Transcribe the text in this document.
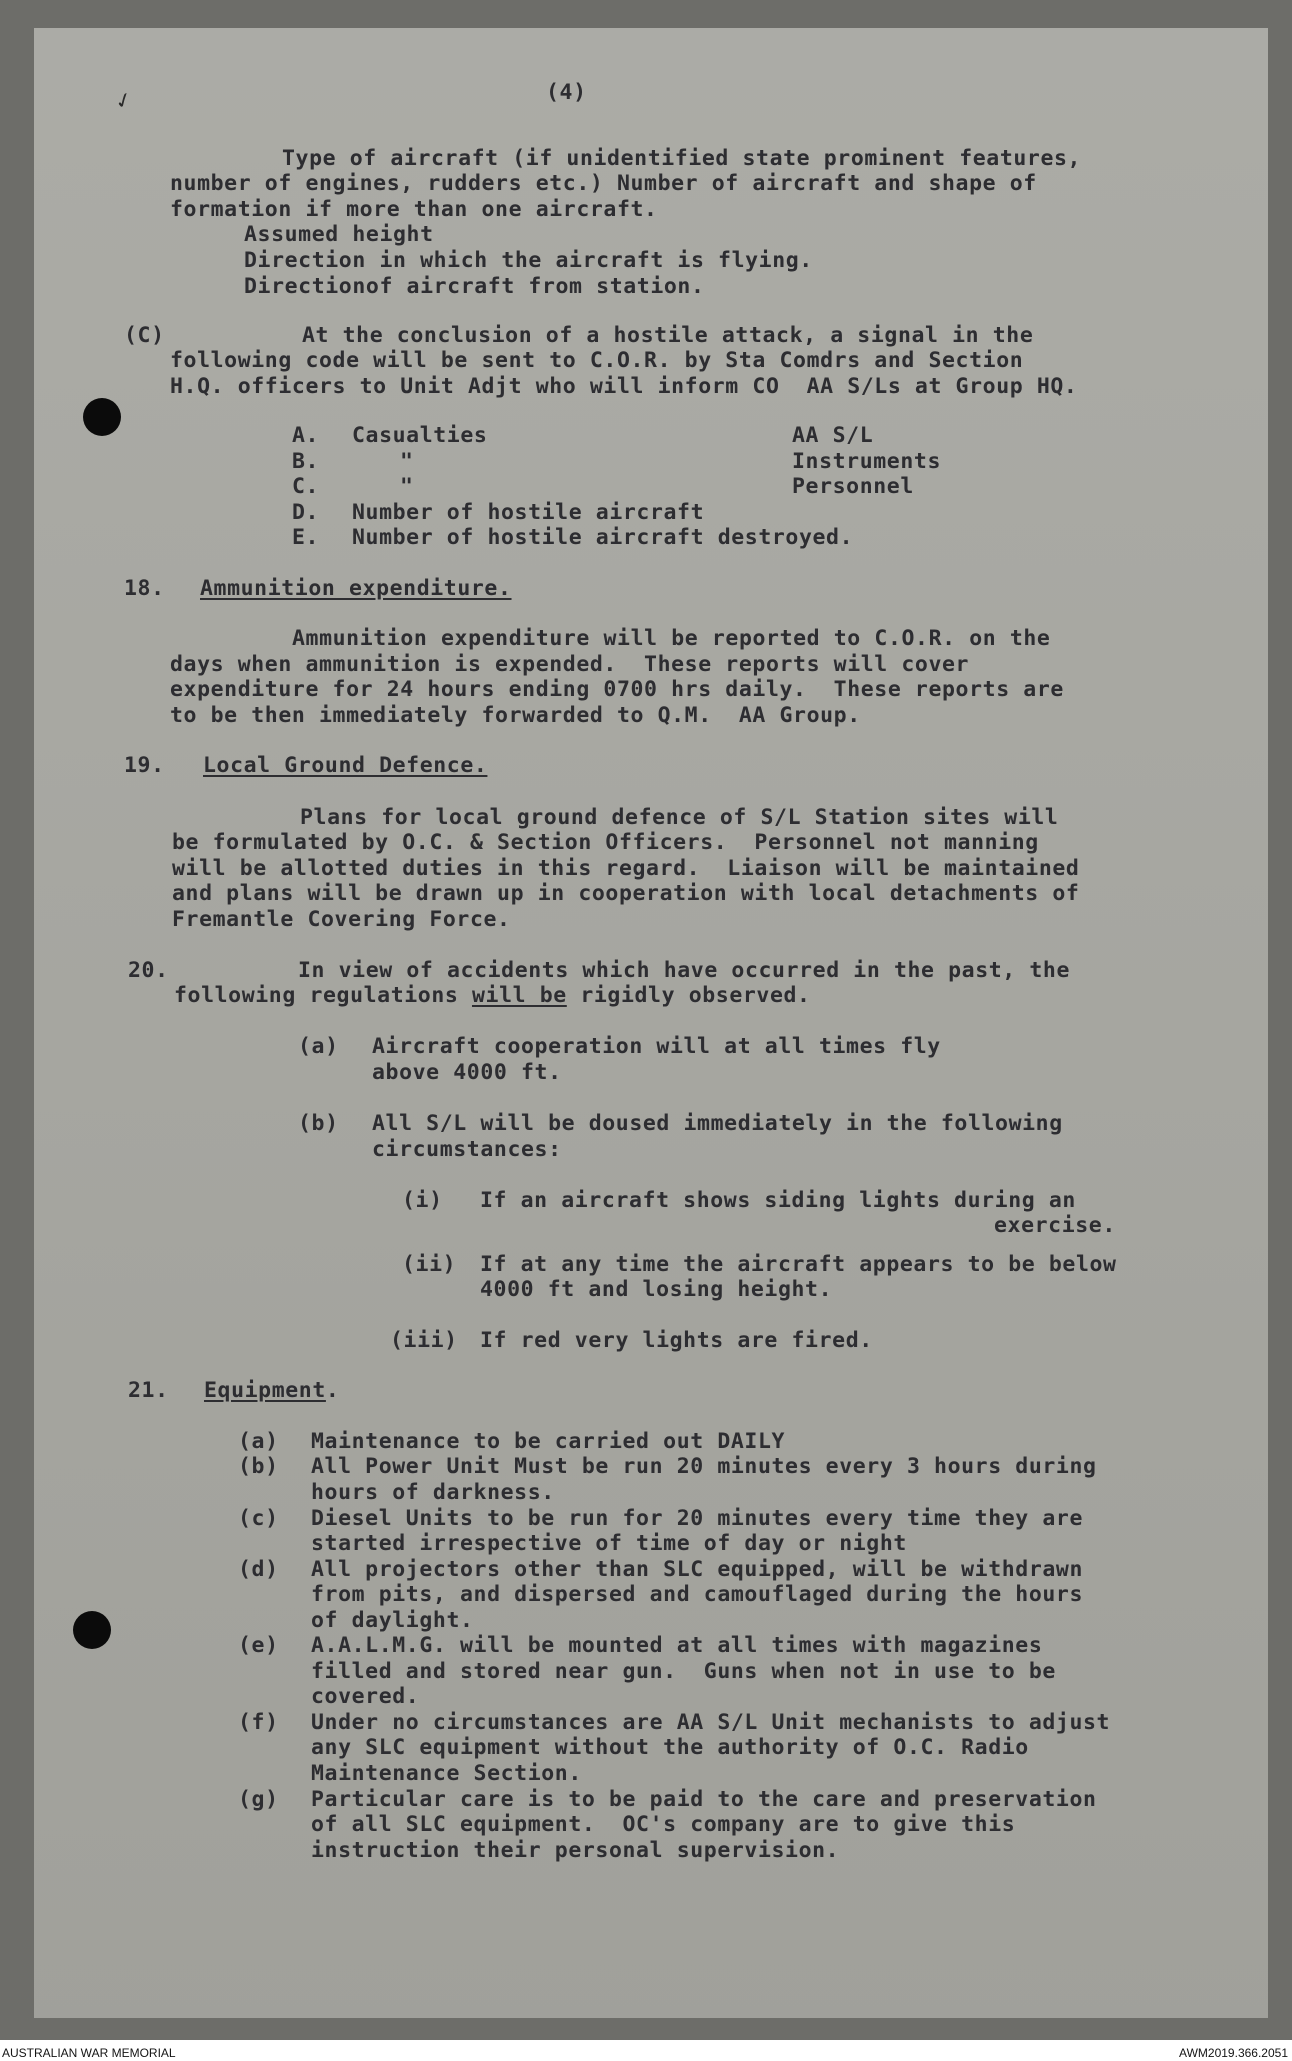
✓	(4)

Type of aircraft (if unidentified state prominent features,

number of engines, rudders etc.) Number of aircraft and shape of

formation if more than one aircraft.

Assumed height

Direction in which the aircraft is flying.

Directionof aircraft from station.

(C)	At the conclusion of a hostile attack, a signal in the

following code will be sent to C.O.R. by Sta Comdrs and Section

H.Q. officers to Unit Adjt who will inform CO  AA S/Ls at Group HQ.

A. Casualties	AA S/L

B.	"	Instruments

C.	"	Personnel

D. Number of hostile aircraft

E. Number of hostile aircraft destroyed.

18. Ammunition expenditure.

Ammunition expenditure will be reported to C.O.R. on the

days when ammunition is expended.  These reports will cover

expenditure for 24 hours ending 0700 hrs daily.  These reports are

to be then immediately forwarded to Q.M.  AA Group.

19. Local Ground Defence.

Plans for local ground defence of S/L Station sites will

be formulated by O.C. & Section Officers.  Personnel not manning

will be allotted duties in this regard.  Liaison will be maintained

and plans will be drawn up in cooperation with local detachments of

Fremantle Covering Force.

20.	In view of accidents which have occurred in the past, the

following regulations will be rigidly observed.

(a) Aircraft cooperation will at all times fly

above 4000 ft.

(b) All S/L will be doused immediately in the following

circumstances:

(i) If an aircraft shows siding lights during an

exercise.

(ii) If at any time the aircraft appears to be below

4000 ft and losing height.

(iii) If red very lights are fired.

21. Equipment.

(a) Maintenance to be carried out DAILY

(b) All Power Unit Must be run 20 minutes every 3 hours during

hours of darkness.

(c) Diesel Units to be run for 20 minutes every time they are

started irrespective of time of day or night

(d) All projectors other than SLC equipped, will be withdrawn

from pits, and dispersed and camouflaged during the hours

of daylight.

(e) A.A.L.M.G. will be mounted at all times with magazines

filled and stored near gun.  Guns when not in use to be

covered.

(f) Under no circumstances are AA S/L Unit mechanists to adjust

any SLC equipment without the authority of O.C. Radio

Maintenance Section.

(g) Particular care is to be paid to the care and preservation

of all SLC equipment.  OC's company are to give this

instruction their personal supervision.

AUSTRALIAN WAR MEMORIAL	AWM2019.366.2051
